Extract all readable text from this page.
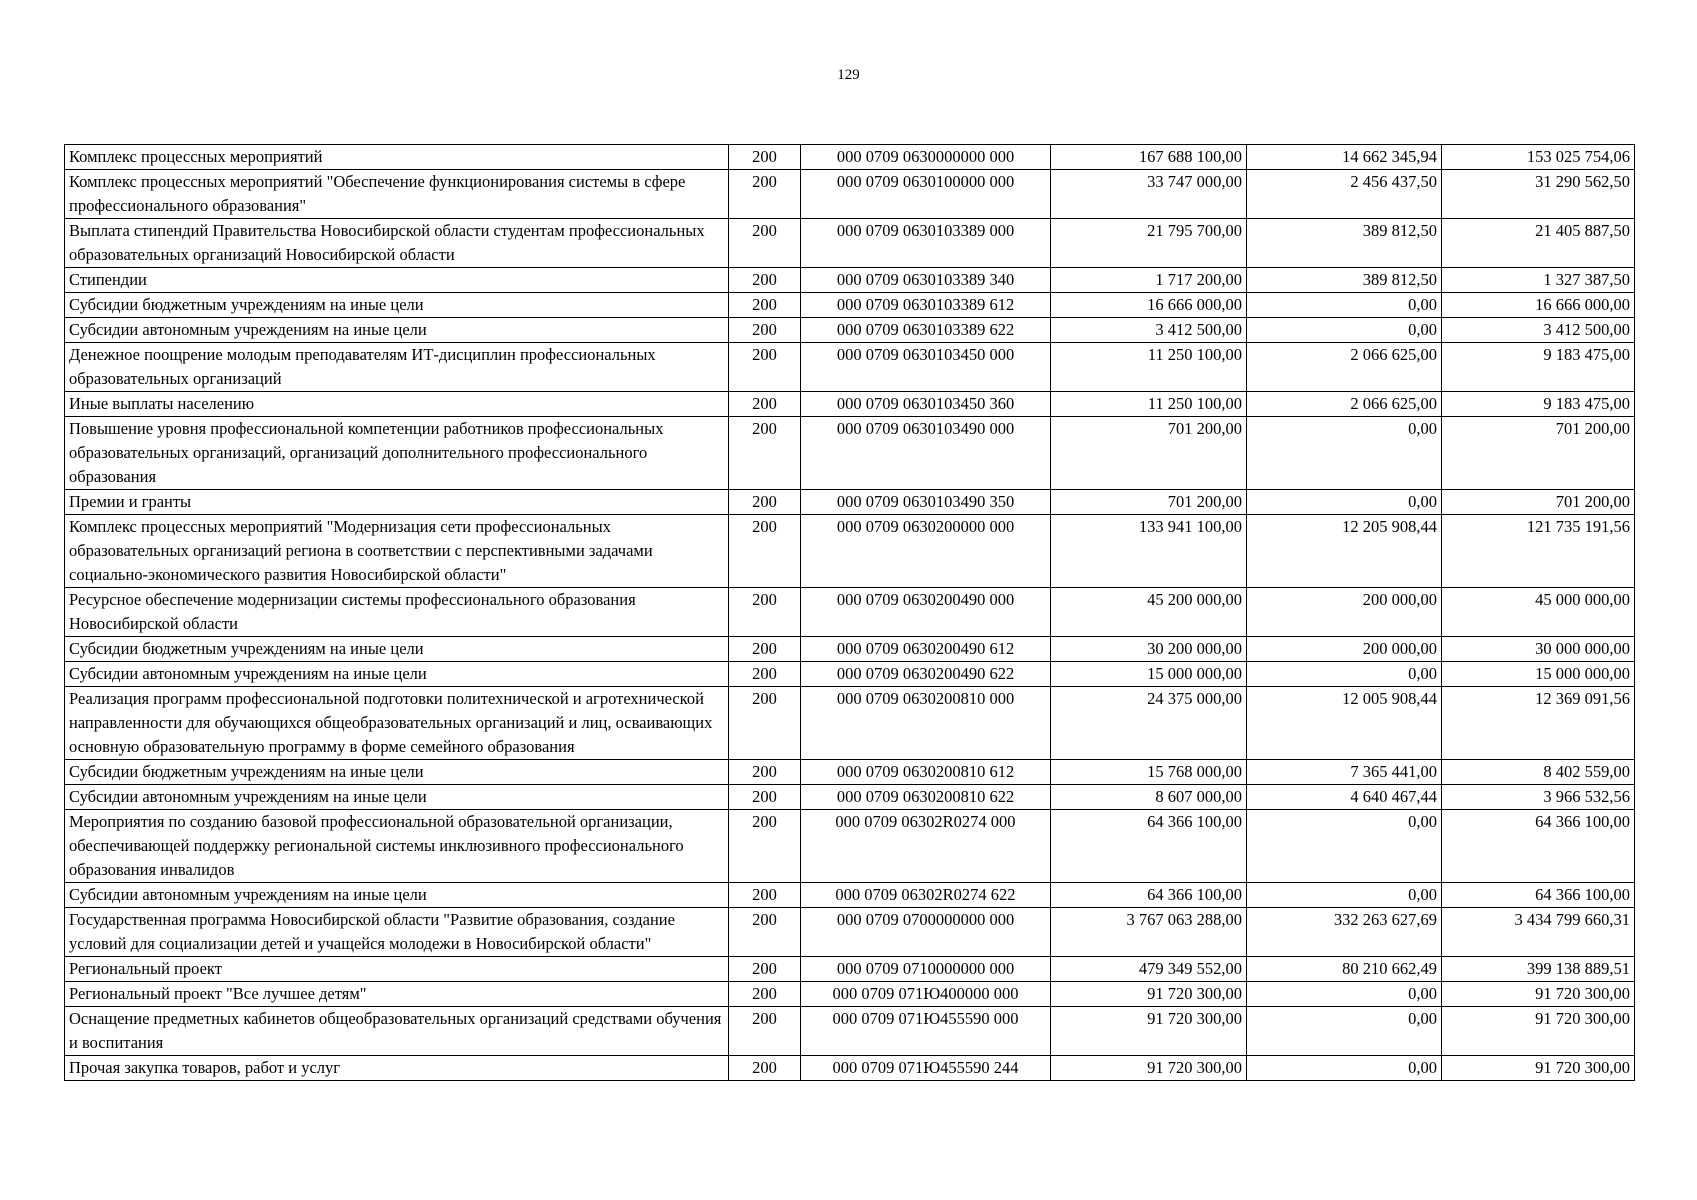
129
Комплекс процессных мероприятий	200	000 0709 0630000000 000	167 688 100,00	14 662 345,94	153 025 754,06
Комплекс процессных мероприятий "Обеспечение функционирования системы в сфере профессионального образования"	200	000 0709 0630100000 000	33 747 000,00	2 456 437,50	31 290 562,50
Выплата стипендий Правительства Новосибирской области студентам профессиональных образовательных организаций Новосибирской области	200	000 0709 0630103389 000	21 795 700,00	389 812,50	21 405 887,50
Стипендии	200	000 0709 0630103389 340	1 717 200,00	389 812,50	1 327 387,50
Субсидии бюджетным учреждениям на иные цели	200	000 0709 0630103389 612	16 666 000,00	0,00	16 666 000,00
Субсидии автономным учреждениям на иные цели	200	000 0709 0630103389 622	3 412 500,00	0,00	3 412 500,00
Денежное поощрение молодым преподавателям ИТ-дисциплин профессиональных образовательных организаций	200	000 0709 0630103450 000	11 250 100,00	2 066 625,00	9 183 475,00
Иные выплаты населению	200	000 0709 0630103450 360	11 250 100,00	2 066 625,00	9 183 475,00
Повышение уровня профессиональной компетенции работников профессиональных образовательных организаций, организаций дополнительного профессионального образования	200	000 0709 0630103490 000	701 200,00	0,00	701 200,00
Премии и гранты	200	000 0709 0630103490 350	701 200,00	0,00	701 200,00
Комплекс процессных мероприятий "Модернизация сети профессиональных образовательных организаций региона в соответствии с перспективными задачами социально-экономического развития Новосибирской области"	200	000 0709 0630200000 000	133 941 100,00	12 205 908,44	121 735 191,56
Ресурсное обеспечение модернизации системы профессионального образования Новосибирской области	200	000 0709 0630200490 000	45 200 000,00	200 000,00	45 000 000,00
Субсидии бюджетным учреждениям на иные цели	200	000 0709 0630200490 612	30 200 000,00	200 000,00	30 000 000,00
Субсидии автономным учреждениям на иные цели	200	000 0709 0630200490 622	15 000 000,00	0,00	15 000 000,00
Реализация программ профессиональной подготовки политехнической и агротехнической направленности для обучающихся общеобразовательных организаций и лиц, осваивающих основную образовательную программу в форме семейного образования	200	000 0709 0630200810 000	24 375 000,00	12 005 908,44	12 369 091,56
Субсидии бюджетным учреждениям на иные цели	200	000 0709 0630200810 612	15 768 000,00	7 365 441,00	8 402 559,00
Субсидии автономным учреждениям на иные цели	200	000 0709 0630200810 622	8 607 000,00	4 640 467,44	3 966 532,56
Мероприятия по созданию базовой профессиональной образовательной организации, обеспечивающей поддержку региональной системы инклюзивного профессионального образования инвалидов	200	000 0709 06302R0274 000	64 366 100,00	0,00	64 366 100,00
Субсидии автономным учреждениям на иные цели	200	000 0709 06302R0274 622	64 366 100,00	0,00	64 366 100,00
Государственная программа Новосибирской области "Развитие образования, создание условий для социализации детей и учащейся молодежи в Новосибирской области"	200	000 0709 0700000000 000	3 767 063 288,00	332 263 627,69	3 434 799 660,31
Региональный проект	200	000 0709 0710000000 000	479 349 552,00	80 210 662,49	399 138 889,51
Региональный проект "Все лучшее детям"	200	000 0709 071Ю400000 000	91 720 300,00	0,00	91 720 300,00
Оснащение предметных кабинетов общеобразовательных организаций средствами обучения и воспитания	200	000 0709 071Ю455590 000	91 720 300,00	0,00	91 720 300,00
Прочая закупка товаров, работ и услуг	200	000 0709 071Ю455590 244	91 720 300,00	0,00	91 720 300,00
